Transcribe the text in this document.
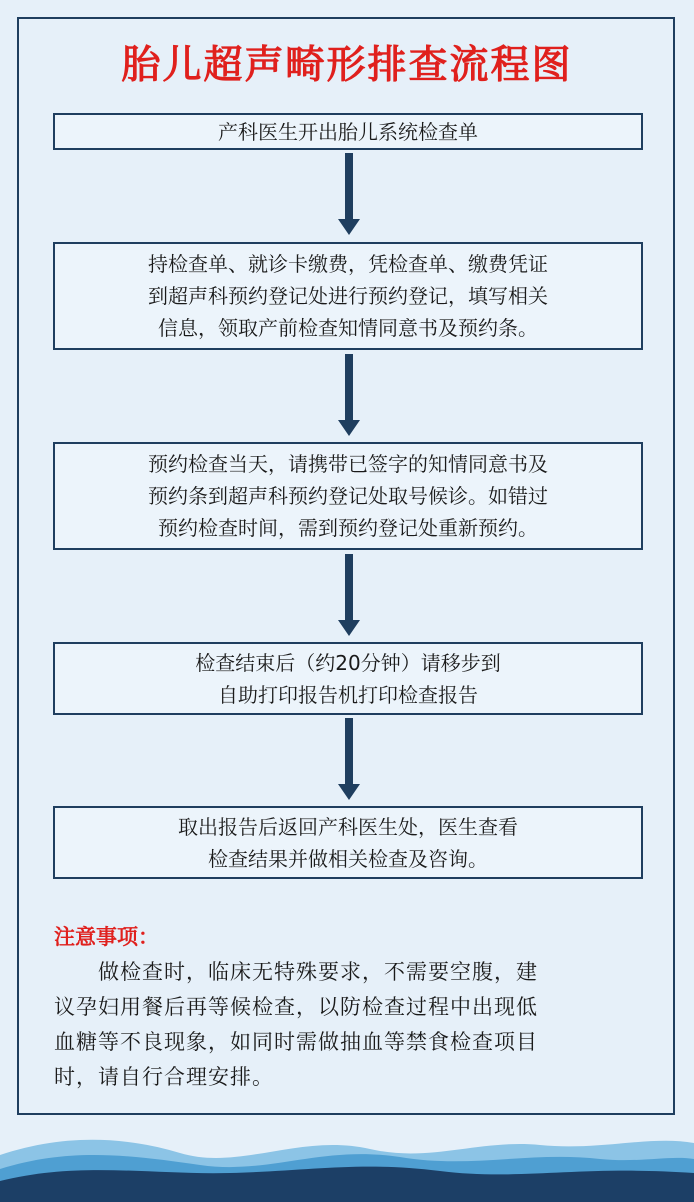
胎儿超声畸形排查流程图
产科医生开出胎儿系统检查单
持检查单、就诊卡缴费，凭检查单、缴费凭证
到超声科预约登记处进行预约登记，填写相关
信息，领取产前检查知情同意书及预约条。
预约检查当天，请携带已签字的知情同意书及
预约条到超声科预约登记处取号候诊。如错过
预约检查时间，需到预约登记处重新预约。
检查结束后（约20分钟）请移步到
自助打印报告机打印检查报告
取出报告后返回产科医生处，医生查看
检查结果并做相关检查及咨询。
注意事项：
　　做检查时，临床无特殊要求，不需要空腹，建
议孕妇用餐后再等候检查，以防检查过程中出现低
血糖等不良现象，如同时需做抽血等禁食检查项目
时，请自行合理安排。
